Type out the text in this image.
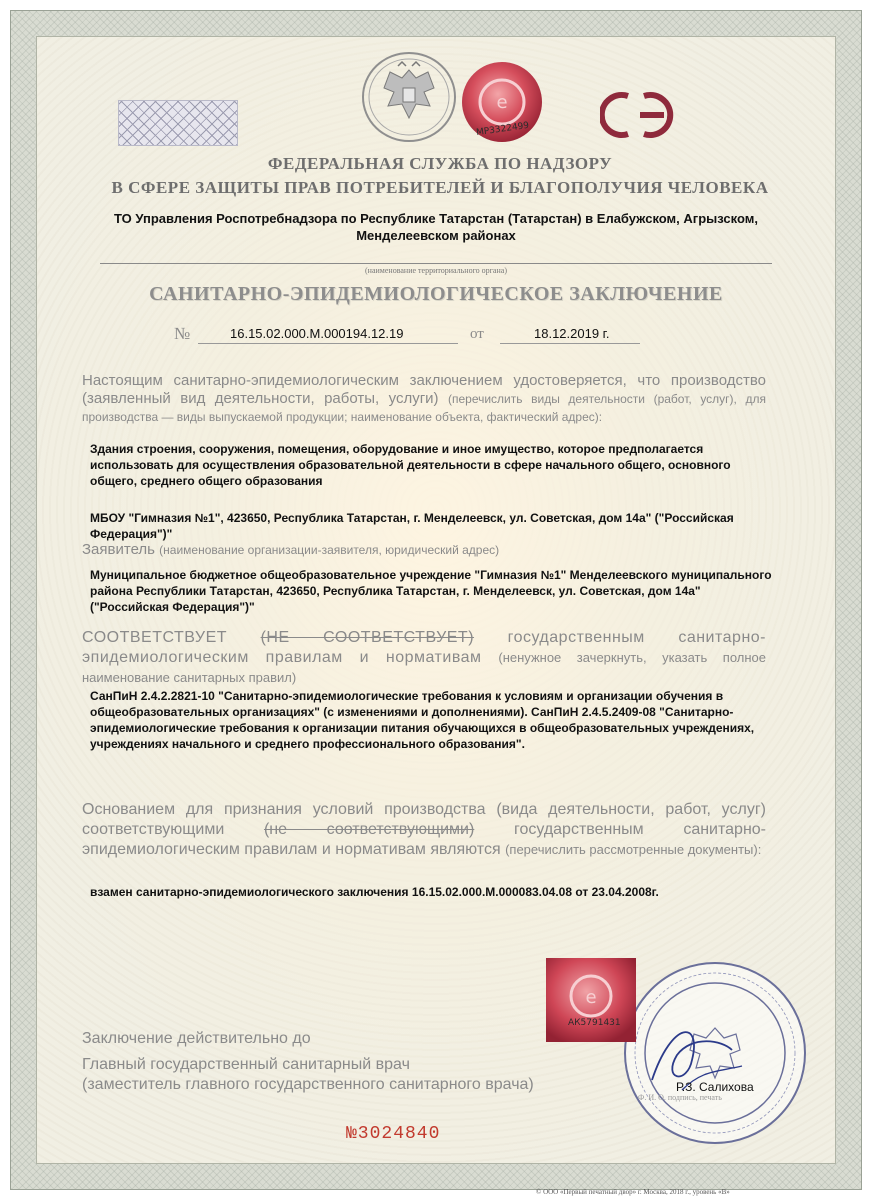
е
МР3322499
ФЕДЕРАЛЬНАЯ СЛУЖБА ПО НАДЗОРУ
В СФЕРЕ ЗАЩИТЫ ПРАВ ПОТРЕБИТЕЛЕЙ И БЛАГОПОЛУЧИЯ ЧЕЛОВЕКА
ТО Управления Роспотребнадзора по Республике Татарстан (Татарстан) в Елабужском, Агрызском, Менделеевском районах
(наименование территориального органа)
САНИТАРНО-ЭПИДЕМИОЛОГИЧЕСКОЕ ЗАКЛЮЧЕНИЕ
№	16.15.02.000.М.000194.12.19	от	18.12.2019 г.
Настоящим санитарно-эпидемиологическим заключением удостоверяется, что производство (заявленный вид деятельности, работы, услуги) (перечислить виды деятельности (работ, услуг), для производства — виды выпускаемой продукции; наименование объекта, фактический адрес):
Здания строения, сооружения, помещения, оборудование и иное имущество, которое предполагается использовать для осуществления образовательной деятельности в сфере начального общего, основного общего, среднего общего образования
МБОУ "Гимназия №1", 423650, Республика Татарстан, г. Менделеевск, ул. Советская, дом 14а" ("Российская Федерация")"
Заявитель (наименование организации-заявителя, юридический адрес)
Муниципальное бюджетное общеобразовательное учреждение "Гимназия №1" Менделеевского муниципального района Республики Татарстан, 423650, Республика Татарстан, г. Менделеевск, ул. Советская, дом 14а" ("Российская Федерация")"
СООТВЕТСТВУЕТ (НЕ СООТВЕТСТВУЕТ) государственным санитарно-эпидемиологическим правилам и нормативам (ненужное зачеркнуть, указать полное наименование санитарных правил)
СанПиН 2.4.2.2821-10 "Санитарно-эпидемиологические требования к условиям и организации обучения в общеобразовательных организациях" (с изменениями и дополнениями). СанПиН 2.4.5.2409-08 "Санитарно-эпидемиологические требования к организации питания обучающихся в общеобразовательных учреждениях, учреждениях начального и среднего профессионального образования".
Основанием для признания условий производства (вида деятельности, работ, услуг) соответствующими (не соответствующими) государственным санитарно-эпидемиологическим правилам и нормативам являются (перечислить рассмотренные документы):
взамен санитарно-эпидемиологического заключения 16.15.02.000.М.000083.04.08 от 23.04.2008г.
Заключение действительно до
Главный государственный санитарный врач
(заместитель главного государственного санитарного врача)
е
АК5791431
Р.З. Салихова
Ф. И. О. подпись, печать
№3024840
© ООО «Первый печатный двор» г. Москва, 2018 г., уровень «В»
